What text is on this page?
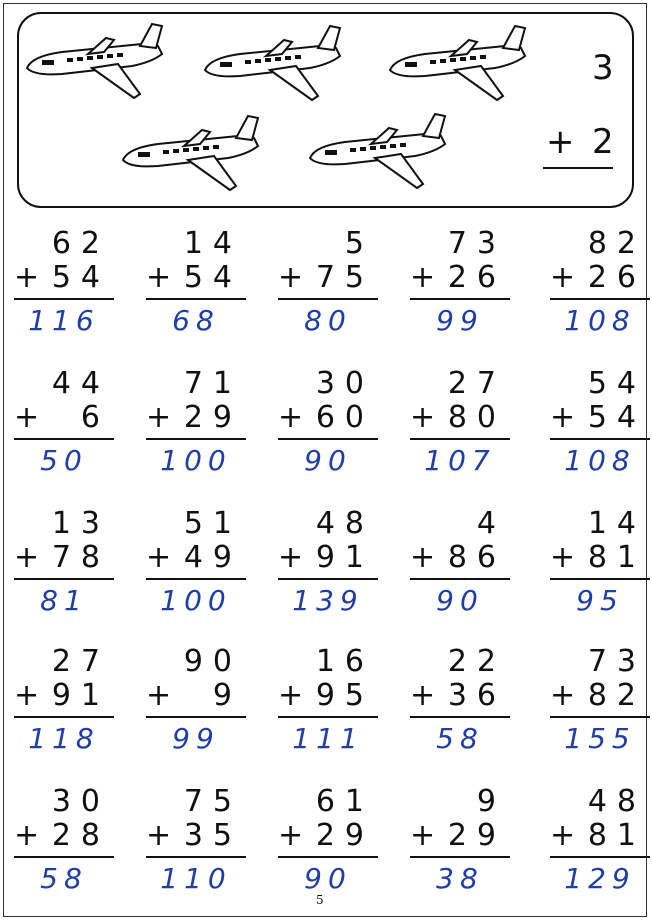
3
+ 2
62
+ 54
116
14
+ 54
68
5
+ 75
80
73
+ 26
99
82
+ 26
108
44
+ 6
50
71
+ 29
100
30
+ 60
90
27
+ 80
107
54
+ 54
108
13
+ 78
81
51
+ 49
100
48
+ 91
139
4
+ 86
90
14
+ 81
95
27
+ 91
118
90
+ 9
99
16
+ 95
111
22
+ 36
58
73
+ 82
155
30
+ 28
58
75
+ 35
110
61
+ 29
90
9
+ 29
38
48
+ 81
129
5
